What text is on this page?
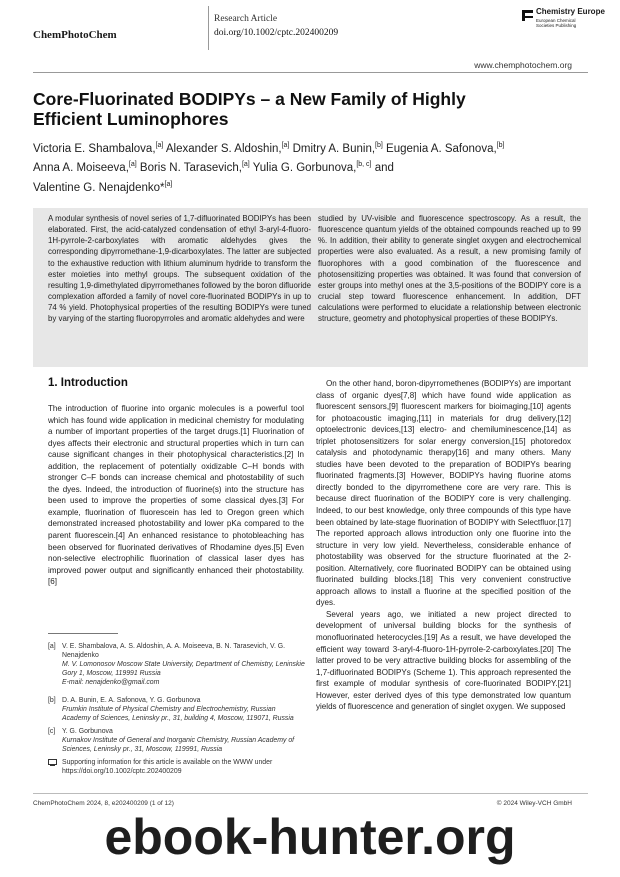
ChemPhotoChem
Research Article
doi.org/10.1002/cptc.202400209
Chemistry Europe
European Chemical
Societies Publishing
www.chemphotochem.org
Core-Fluorinated BODIPYs – a New Family of Highly
Efficient Luminophores
Victoria E. Shambalova,[a] Alexander S. Aldoshin,[a] Dmitry A. Bunin,[b] Eugenia A. Safonova,[b]
Anna A. Moiseeva,[a] Boris N. Tarasevich,[a] Yulia G. Gorbunova,[b, c] and
Valentine G. Nenajdenko*[a]
A modular synthesis of novel series of 1,7-difluorinated BODIPYs has been elaborated. First, the acid-catalyzed condensation of ethyl 3-aryl-4-fluoro-1H-pyrrole-2-carboxylates with aromatic aldehydes gives the corresponding dipyrromethane-1,9-dicarboxylates. The latter are subjected to the exhaustive reduction with lithium aluminum hydride to transform the ester moieties into methyl groups. The subsequent oxidation of the resulting 1,9-dimethylated dipyrromethanes followed by the boron difluoride complexation afforded a family of novel core-fluorinated BODIPYs in up to 74 % yield. Photophysical properties of the resulting BODIPYs were tuned by varying of the starting fluoropyrroles and aromatic aldehydes and were
studied by UV-visible and fluorescence spectroscopy. As a result, the fluorescence quantum yields of the obtained compounds reached up to 99 %. In addition, their ability to generate singlet oxygen and electrochemical properties were also evaluated. As a result, a new promising family of fluorophores with a good combination of the fluorescence and photosensitizing properties was obtained. It was found that conversion of ester groups into methyl ones at the 3,5-positions of the BODIPY core is a crucial step toward fluorescence enhancement. In addition, DFT calculations were performed to elucidate a relationship between electronic structure, geometry and photophysical properties of these BODIPYs.
1. Introduction

The introduction of fluorine into organic molecules is a powerful tool which has found wide application in medicinal chemistry for modulating a number of important properties of the target drugs.[1] Fluorination of dyes affects their electronic and structural properties which in turn can cause significant changes in their photophysical characteristics.[2] In addition, the replacement of potentially oxidizable C–H bonds with stronger C–F bonds can increase chemical and photostability of such the dyes. Indeed, the introduction of fluorine(s) into the structure has been used to improve the properties of some classical dyes.[3] For example, fluorination of fluorescein has led to Oregon green which demonstrated increased photostability and lower pKa compared to the parent fluorescein.[4] An enhanced resistance to photobleaching has been observed for fluorinated derivatives of Rhodamine dyes.[5] Even non-selective electrophilic fluorination of classical laser dyes has improved power output and significantly enhanced their photostability.[6]

[a] V. E. Shambalova, A. S. Aldoshin, A. A. Moiseeva, B. N. Tarasevich, V. G. Nenajdenko
M. V. Lomonosov Moscow State University, Department of Chemistry, Leninskie Gory 1, Moscow, 119991 Russia
E-mail: nenajdenko@gmail.com
[b] D. A. Bunin, E. A. Safonova, Y. G. Gorbunova
Frumkin Institute of Physical Chemistry and Electrochemistry, Russian Academy of Sciences, Leninsky pr., 31, building 4, Moscow, 119071, Russia
[c] Y. G. Gorbunova
Kurnakov Institute of General and Inorganic Chemistry, Russian Academy of Sciences, Leninsky pr., 31, Moscow, 119991, Russia
Supporting information for this article is available on the WWW under https://doi.org/10.1002/cptc.202400209

On the other hand, boron-dipyrromethenes (BODIPYs) are important class of organic dyes[7,8] which have found wide application as fluorescent sensors,[9] fluorescent markers for bioimaging,[10] agents for photoacoustic imaging,[11] in materials for drug delivery,[12] optoelectronic devices,[13] electro- and chemiluminescence,[14] as triplet photosensitizers for solar energy conversion,[15] photoredox catalysis and photodynamic therapy[16] and many others. Many studies have been devoted to the preparation of BODIPYs bearing fluorinated fragments.[3] However, BODIPYs having fluorine atoms directly bonded to the dipyrromethene core are very rare. This is because direct fluorination of the BODIPY core is very challenging. Indeed, to our best knowledge, only three compounds of this type have been obtained by late-stage fluorination of BODIPY with Selectfluor.[17] The reported approach allows introduction only one fluorine into the structure in very low yield. Nevertheless, considerable enhance of photostability was observed for the structure fluorinated at the 2-position. Alternatively, core fluorinated BODIPY can be obtained using fluorinated building blocks.[18] This very convenient constructive approach allows to install a fluorine at the specified position of the dyes.

Several years ago, we initiated a new project directed to development of universal building blocks for the synthesis of monofluorinated heterocycles.[19] As a result, we have developed the efficient way toward 3-aryl-4-fluoro-1H-pyrrole-2-carboxylates.[20] The latter proved to be very attractive building blocks for assembling of the 1,7-difluorinated BODIPYs (Scheme 1). This approach represented the first example of modular synthesis of core-fluorinated BODIPY.[21] However, ester derived dyes of this type demonstrated low quantum yields of fluorescence and generation of singlet oxygen. We supposed

ChemPhotoChem 2024, 8, e202400209 (1 of 12)	© 2024 Wiley-VCH GmbH
ebook-hunter.org
